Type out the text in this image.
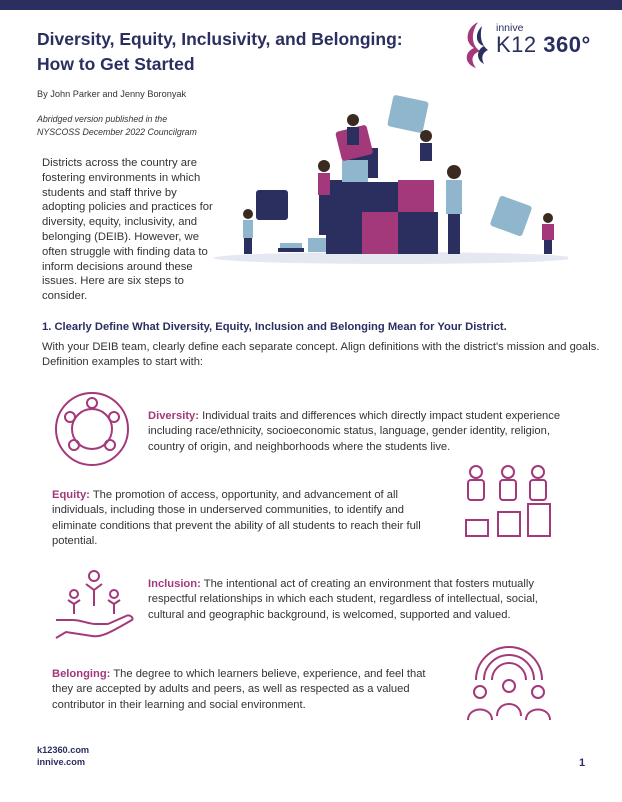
Diversity, Equity, Inclusivity, and Belonging:
How to Get Started
innive
K12 360°
By John Parker and Jenny Boronyak
Abridged version published in the
NYSCOSS December 2022 Councilgram
Districts across the country are fostering environments in which students and staff thrive by adopting policies and practices for diversity, equity, inclusivity, and belonging (DEIB). However, we often struggle with finding data to inform decisions around these issues. Here are six steps to consider.
1. Clearly Define What Diversity, Equity, Inclusion and Belonging Mean for Your District.
With your DEIB team, clearly define each separate concept. Align definitions with the district's mission and goals. Definition examples to start with:
Diversity: Individual traits and differences which directly impact student experience including race/ethnicity, socioeconomic status, language, gender identity, religion, country of origin, and neighborhoods where the students live.
Equity: The promotion of access, opportunity, and advancement of all individuals, including those in underserved communities, to identify and eliminate conditions that prevent the ability of all students to reach their full potential.
Inclusion: The intentional act of creating an environment that fosters mutually respectful relationships in which each student, regardless of intellectual, social, cultural and geographic background, is welcomed, supported and valued.
Belonging: The degree to which learners believe, experience, and feel that they are accepted by adults and peers, as well as respected as a valued contributor in their learning and social environment.
k12360.com
innive.com	1
